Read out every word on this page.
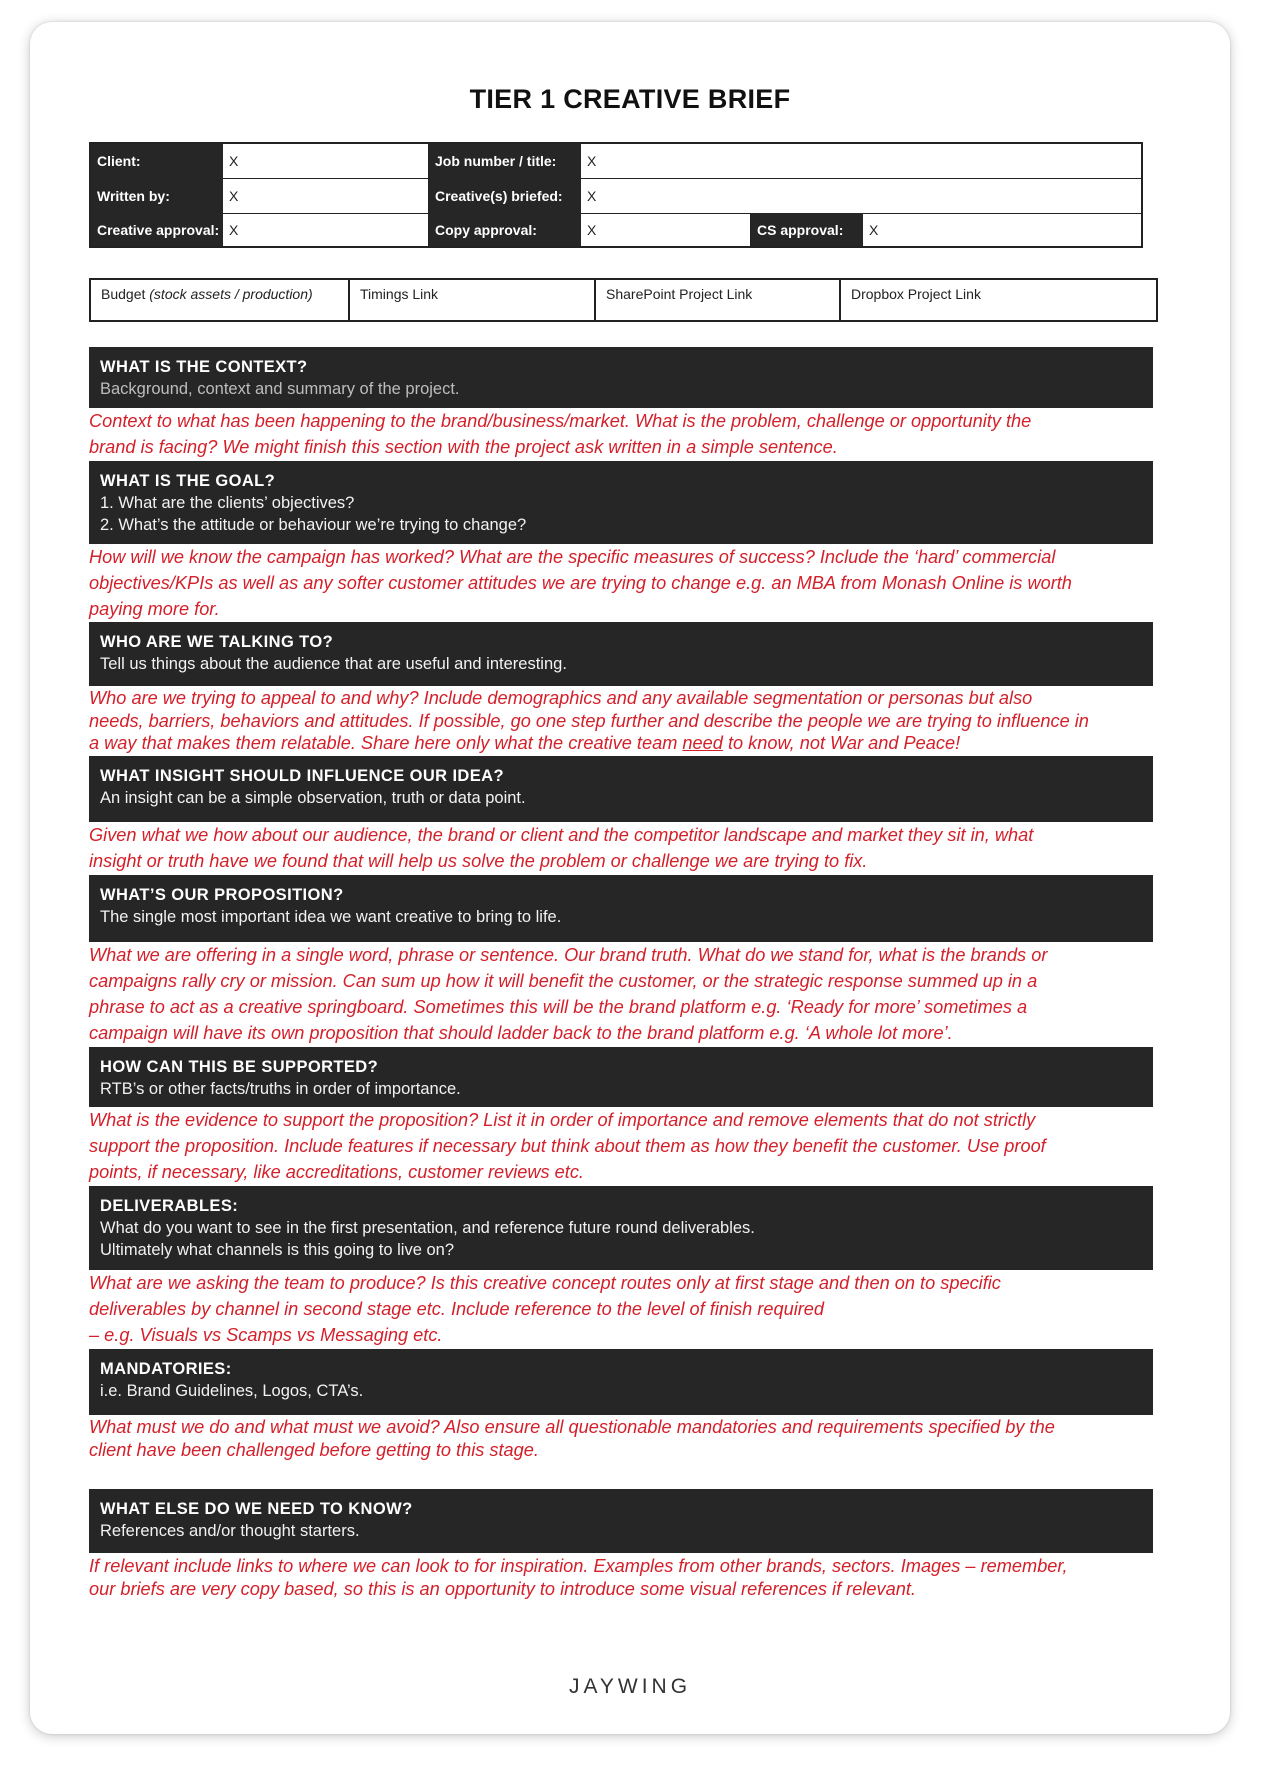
TIER 1 CREATIVE BRIEF
Client:	X	Job number / title:	X
Written by:	X	Creative(s) briefed:	X
Creative approval: X	Copy approval:	X	CS approval:	X
Budget (stock assets / production)	Timings Link	SharePoint Project Link	Dropbox Project Link
WHAT IS THE CONTEXT?
Background, context and summary of the project.
Context to what has been happening to the brand/business/market. What is the problem, challenge or opportunity the
brand is facing? We might finish this section with the project ask written in a simple sentence.
WHAT IS THE GOAL?
1. What are the clients’ objectives?
2. What’s the attitude or behaviour we’re trying to change?
How will we know the campaign has worked? What are the specific measures of success? Include the ‘hard’ commercial
objectives/KPIs as well as any softer customer attitudes we are trying to change e.g. an MBA from Monash Online is worth
paying more for.
WHO ARE WE TALKING TO?
Tell us things about the audience that are useful and interesting.
Who are we trying to appeal to and why? Include demographics and any available segmentation or personas but also
needs, barriers, behaviors and attitudes. If possible, go one step further and describe the people we are trying to influence in
a way that makes them relatable. Share here only what the creative team need to know, not War and Peace!
WHAT INSIGHT SHOULD INFLUENCE OUR IDEA?
An insight can be a simple observation, truth or data point.
Given what we how about our audience, the brand or client and the competitor landscape and market they sit in, what
insight or truth have we found that will help us solve the problem or challenge we are trying to fix.
WHAT’S OUR PROPOSITION?
The single most important idea we want creative to bring to life.
What we are offering in a single word, phrase or sentence. Our brand truth. What do we stand for, what is the brands or
campaigns rally cry or mission. Can sum up how it will benefit the customer, or the strategic response summed up in a
phrase to act as a creative springboard. Sometimes this will be the brand platform e.g. ‘Ready for more’ sometimes a
campaign will have its own proposition that should ladder back to the brand platform e.g. ‘A whole lot more’.
HOW CAN THIS BE SUPPORTED?
RTB’s or other facts/truths in order of importance.
What is the evidence to support the proposition? List it in order of importance and remove elements that do not strictly
support the proposition. Include features if necessary but think about them as how they benefit the customer. Use proof
points, if necessary, like accreditations, customer reviews etc.
DELIVERABLES:
What do you want to see in the first presentation, and reference future round deliverables.
Ultimately what channels is this going to live on?
What are we asking the team to produce? Is this creative concept routes only at first stage and then on to specific
deliverables by channel in second stage etc. Include reference to the level of finish required
– e.g. Visuals vs Scamps vs Messaging etc.
MANDATORIES:
i.e. Brand Guidelines, Logos, CTA’s.
What must we do and what must we avoid? Also ensure all questionable mandatories and requirements specified by the
client have been challenged before getting to this stage.
WHAT ELSE DO WE NEED TO KNOW?
References and/or thought starters.
If relevant include links to where we can look to for inspiration. Examples from other brands, sectors. Images – remember,
our briefs are very copy based, so this is an opportunity to introduce some visual references if relevant.
JAYWING
